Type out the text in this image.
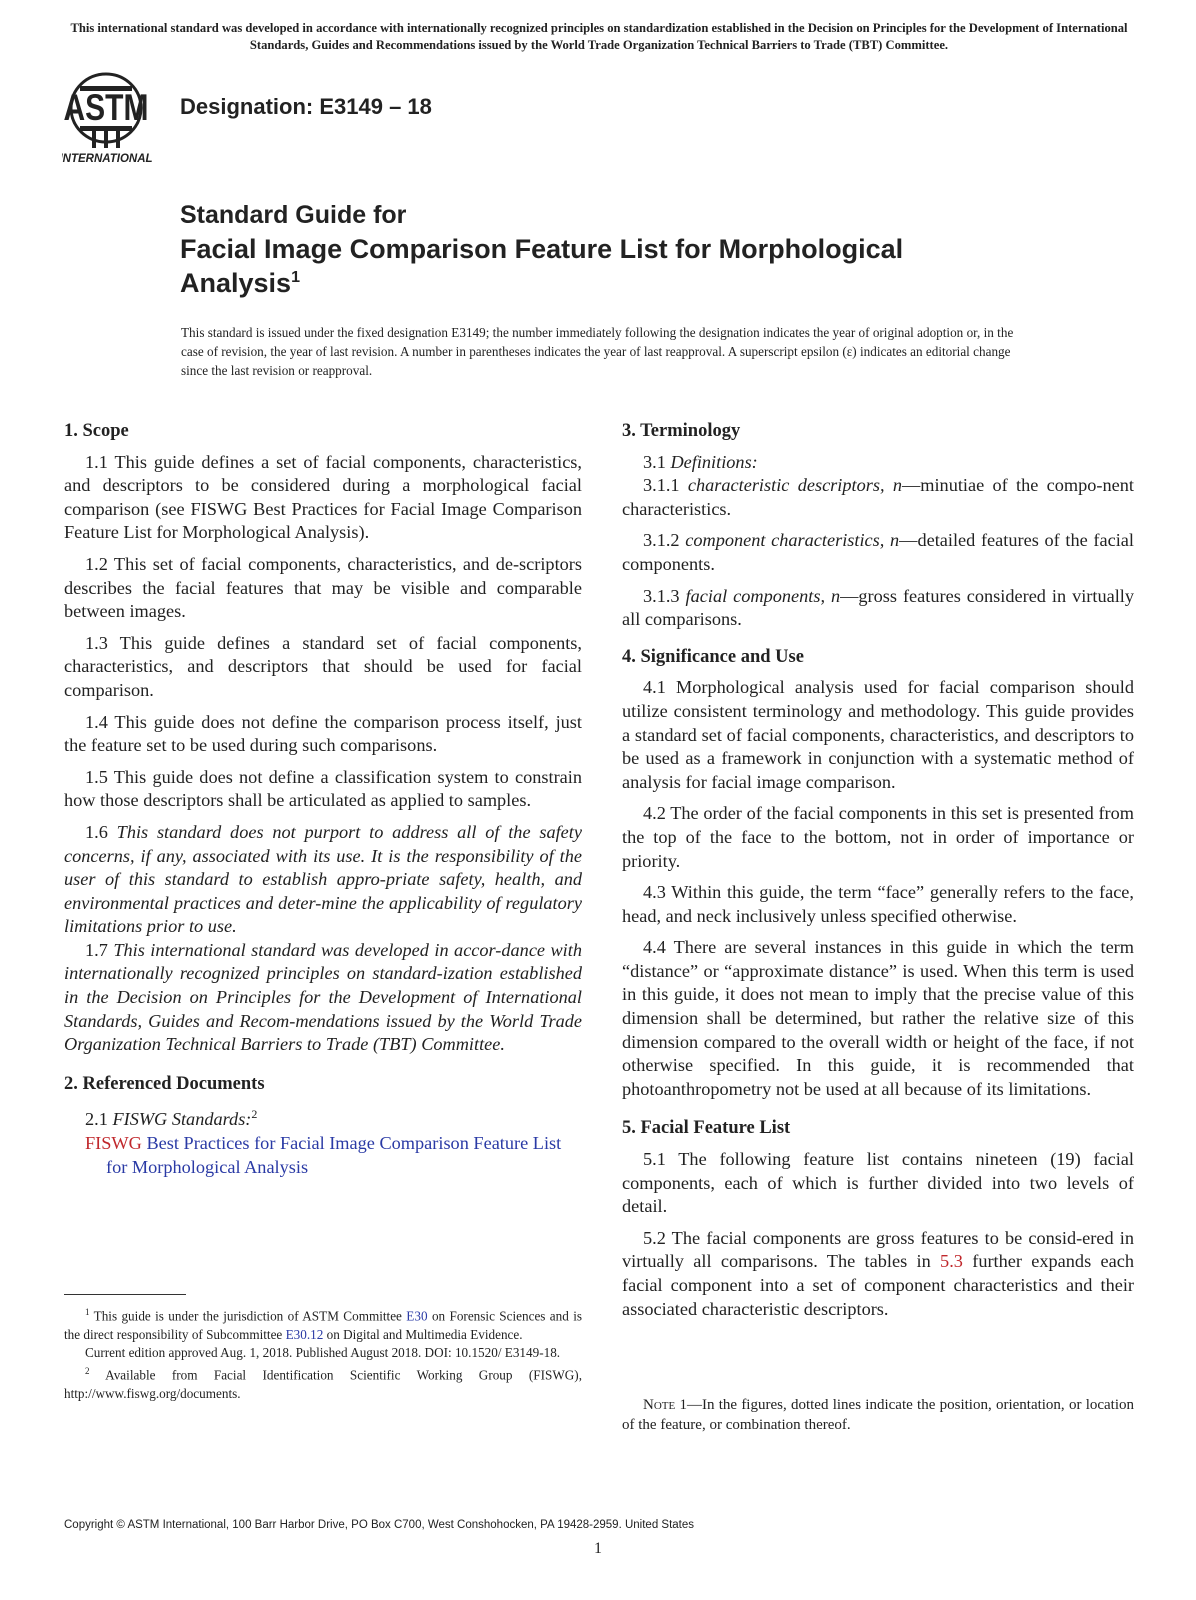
This international standard was developed in accordance with internationally recognized principles on standardization established in the Decision on Principles for the Development of International Standards, Guides and Recommendations issued by the World Trade Organization Technical Barriers to Trade (TBT) Committee.
ASTM
INTERNATIONAL
Designation: E3149 – 18
Standard Guide for
Facial Image Comparison Feature List for Morphological
Analysis$^1$
This standard is issued under the fixed designation E3149; the number immediately following the designation indicates the year of original adoption or, in the case of revision, the year of last revision. A number in parentheses indicates the year of last reapproval. A superscript epsilon (ε) indicates an editorial change since the last revision or reapproval.
1. Scope

1.1 This guide defines a set of facial components, characteristics, and descriptors to be considered during a morphological facial comparison (see FISWG Best Practices for Facial Image Comparison Feature List for Morphological Analysis).

1.2 This set of facial components, characteristics, and de-scriptors describes the facial features that may be visible and comparable between images.

1.3 This guide defines a standard set of facial components, characteristics, and descriptors that should be used for facial comparison.

1.4 This guide does not define the comparison process itself, just the feature set to be used during such comparisons.

1.5 This guide does not define a classification system to constrain how those descriptors shall be articulated as applied to samples.

1.6 This standard does not purport to address all of the safety concerns, if any, associated with its use. It is the responsibility of the user of this standard to establish appro-priate safety, health, and environmental practices and deter-mine the applicability of regulatory limitations prior to use.

1.7 This international standard was developed in accor-dance with internationally recognized principles on standard-ization established in the Decision on Principles for the Development of International Standards, Guides and Recom-mendations issued by the World Trade Organization Technical Barriers to Trade (TBT) Committee.

2. Referenced Documents

2.1 FISWG Standards:$^2$

FISWG Best Practices for Facial Image Comparison Feature List for Morphological Analysis

$^1$ This guide is under the jurisdiction of ASTM Committee E30 on Forensic Sciences and is the direct responsibility of Subcommittee E30.12 on Digital and Multimedia Evidence.

Current edition approved Aug. 1, 2018. Published August 2018. DOI: 10.1520/ E3149-18.

$^2$ Available from Facial Identification Scientific Working Group (FISWG), http://www.fiswg.org/documents.

3. Terminology

3.1 Definitions:

3.1.1 characteristic descriptors, n—minutiae of the compo-nent characteristics.

3.1.2 component characteristics, n—detailed features of the facial components.

3.1.3 facial components, n—gross features considered in virtually all comparisons.

4. Significance and Use

4.1 Morphological analysis used for facial comparison should utilize consistent terminology and methodology. This guide provides a standard set of facial components, characteristics, and descriptors to be used as a framework in conjunction with a systematic method of analysis for facial image comparison.

4.2 The order of the facial components in this set is presented from the top of the face to the bottom, not in order of importance or priority.

4.3 Within this guide, the term “face” generally refers to the face, head, and neck inclusively unless specified otherwise.

4.4 There are several instances in this guide in which the term “distance” or “approximate distance” is used. When this term is used in this guide, it does not mean to imply that the precise value of this dimension shall be determined, but rather the relative size of this dimension compared to the overall width or height of the face, if not otherwise specified. In this guide, it is recommended that photoanthropometry not be used at all because of its limitations.

5. Facial Feature List

5.1 The following feature list contains nineteen (19) facial components, each of which is further divided into two levels of detail.

5.2 The facial components are gross features to be consid-ered in virtually all comparisons. The tables in 5.3 further expands each facial component into a set of component characteristics and their associated characteristic descriptors.

Note 1—In the figures, dotted lines indicate the position, orientation, or location of the feature, or combination thereof.
Copyright © ASTM International, 100 Barr Harbor Drive, PO Box C700, West Conshohocken, PA 19428-2959. United States
1
